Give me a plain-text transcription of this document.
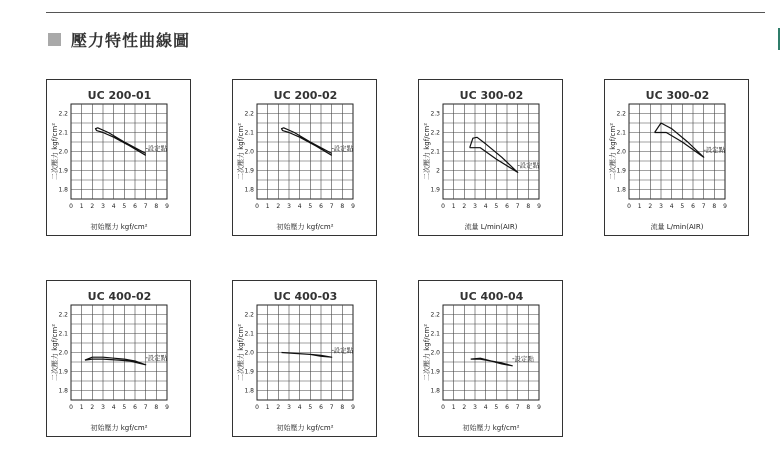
壓力特性曲線圖
UC 200-01
0 1 2 3 4 5 6 7 8 9
1.8
1.9
2.0
2.1
2.2
初始壓力 kgf/cm²
二次壓力 kgf/cm²	設定點
UC 200-02
0 1 2 3 4 5 6 7 8 9
1.8
1.9
2.0
2.1
2.2
初始壓力 kgf/cm²
二次壓力 kgf/cm²	設定點
UC 300-02
0 1 2 3 4 5 6 7 8 9
1.9
2
2.1
2.2
2.3
流量 L/min(AIR)
二次壓力 kgf/cm²	設定點
UC 300-02
0 1 2 3 4 5 6 7 8 9
1.8
1.9
2.0
2.1
2.2
流量 L/min(AIR)
二次壓力 kgf/cm²	設定點
UC 400-02
0 1 2 3 4 5 6 7 8 9
1.8
1.9
2.0
2.1
2.2
初始壓力 kgf/cm²
二次壓力 kgf/cm²	設定點
UC 400-03
0 1 2 3 4 5 6 7 8 9
1.8
1.9
2.0
2.1
2.2
初始壓力 kgf/cm²
二次壓力 kgf/cm²	設定點
UC 400-04
0 1 2 3 4 5 6 7 8 9
1.8
1.9
2.0
2.1
2.2
初始壓力 kgf/cm²
二次壓力 kgf/cm²	設定點
